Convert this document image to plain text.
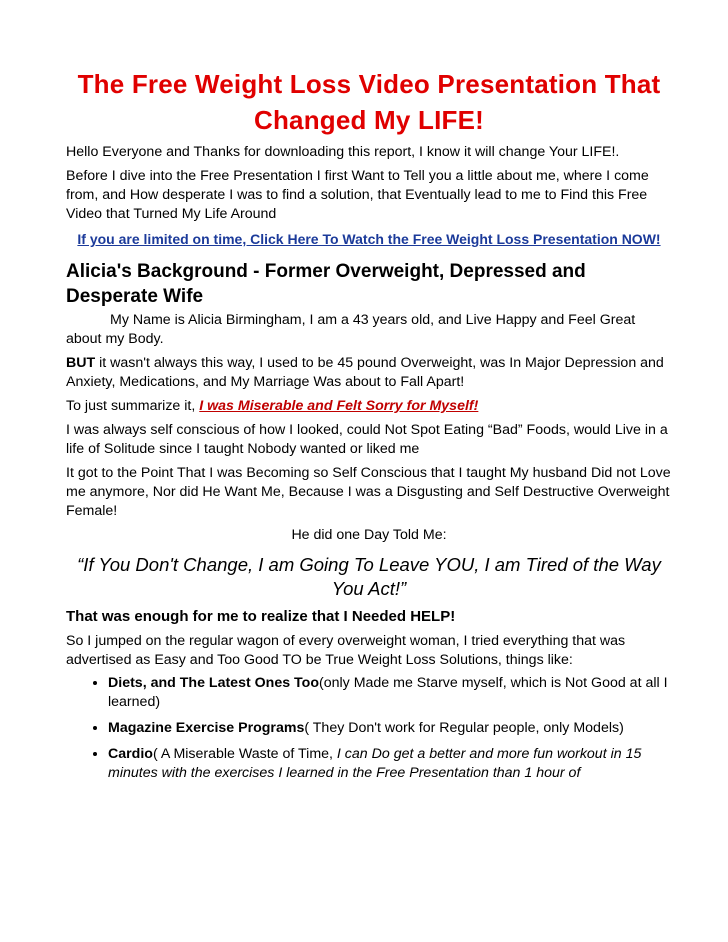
The Free Weight Loss Video Presentation That Changed My LIFE!

Hello Everyone and Thanks for downloading this report, I know it will change Your LIFE!.

Before I dive into the Free Presentation I first Want to Tell you a little about me, where I come from, and How desperate I was to find a solution, that Eventually lead to me to Find this Free Video that Turned My Life Around

If you are limited on time, Click Here To Watch the Free Weight Loss Presentation NOW!
Alicia's Background - Former Overweight, Depressed and Desperate Wife

My Name is Alicia Birmingham, I am a 43 years old, and Live Happy and Feel Great about my Body.

BUT it wasn't always this way, I used to be 45 pound Overweight, was In Major Depression and Anxiety, Medications, and My Marriage Was about to Fall Apart!

To just summarize it, I was Miserable and Felt Sorry for Myself!

I was always self conscious of how I looked, could Not Spot Eating “Bad” Foods, would Live in a life of Solitude since I taught Nobody wanted or liked me

It got to the Point That I was Becoming so Self Conscious that I taught My husband Did not Love me anymore, Nor did He Want Me, Because I was a Disgusting and Self Destructive Overweight Female!

He did one Day Told Me:

“If You Don't Change, I am Going To Leave YOU, I am Tired of the Way You Act!”
That was enough for me to realize that I Needed HELP!

So I jumped on the regular wagon of every overweight woman, I tried everything that was advertised as Easy and Too Good TO be True Weight Loss Solutions, things like:

• Diets, and The Latest Ones Too(only Made me Starve myself, which is Not Good at all I learned)
• Magazine Exercise Programs( They Don't work for Regular people, only Models)
• Cardio( A Miserable Waste of Time, I can Do get a better and more fun workout in 15 minutes with the exercises I learned in the Free Presentation than 1 hour of
